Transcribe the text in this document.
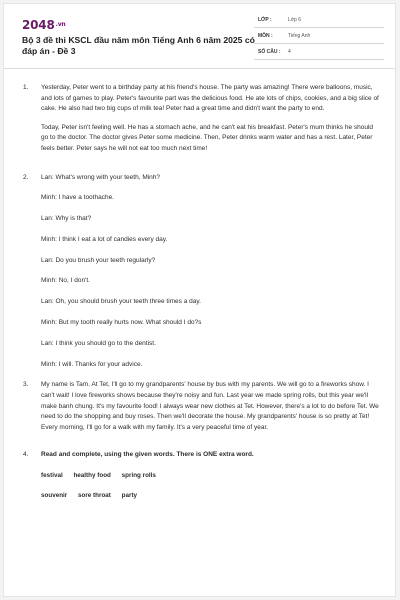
$2048^{.vn}$
Bộ 3 đề thi KSCL đầu năm môn Tiếng Anh 6 năm 2025 có đáp án - Đề 3
LỚP :	Lớp 6
MÔN :	Tiếng Anh
SỐ CÂU : 4
1. Yesterday, Peter went to a birthday party at his friend's house. The party was amazing! There were balloons, music, and lots of games to play. Peter's favourite part was the delicious food. He ate lots of chips, cookies, and a big slice of cake. He also had two big cups of milk tea! Peter had a great time and didn't want the party to end.

Today, Peter isn't feeling well. He has a stomach ache, and he can't eat his breakfast. Peter's mum thinks he should go to the doctor. The doctor gives Peter some medicine. Then, Peter drinks warm water and has a rest. Later, Peter feels better. Peter says he will not eat too much next time!

2. Lan: What's wrong with your teeth, Minh?

Minh: I have a toothache.

Lan: Why is that?

Minh: I think I eat a lot of candies every day.

Lan: Do you brush your teeth regularly?

Minh: No, I don't.

Lan: Oh, you should brush your teeth three times a day.

Minh: But my tooth really hurts now. What should I do?s

Lan: I think you should go to the dentist.

Minh: I will. Thanks for your advice.

3. My name is Tam. At Tet, I'll go to my grandparents' house by bus with my parents. We will go to a fireworks show. I can't wait! I love fireworks shows because they're noisy and fun. Last year we made spring rolls, but this year we'll make banh chung. It's my favourite food! I always wear new clothes at Tet. However, there's a lot to do before Tet. We need to do the shopping and buy roses. Then we'll decorate the house. My grandparents' house is so pretty at Tet! Every morning, I'll go for a walk with my family. It's a very peaceful time of year.

4. Read and complete, using the given words. There is ONE extra word.

festival healthy food spring rolls
souvenir sore throat party
